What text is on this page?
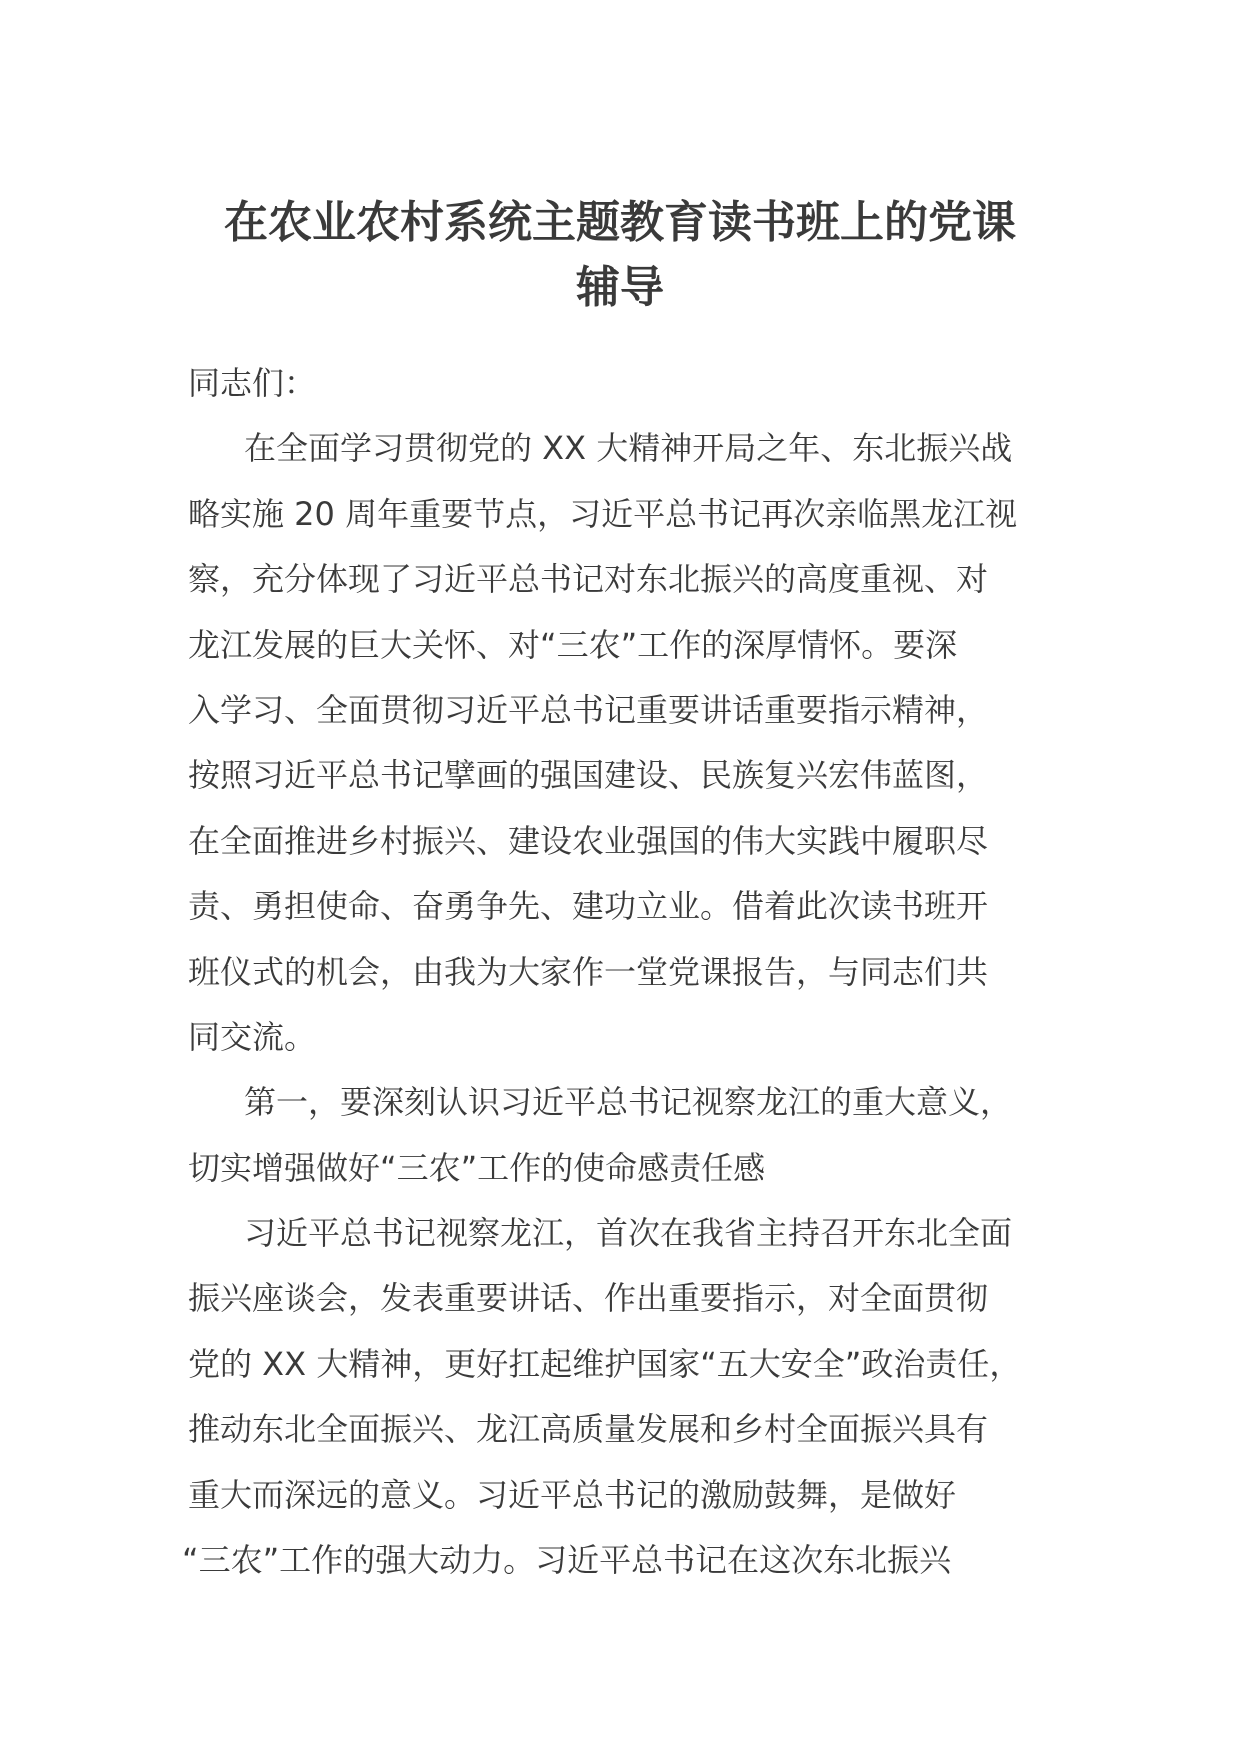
在农业农村系统主题教育读书班上的党课
辅导
同志们：
在全面学习贯彻党的 XX 大精神开局之年、东北振兴战
略实施 20 周年重要节点，习近平总书记再次亲临黑龙江视
察，充分体现了习近平总书记对东北振兴的高度重视、对
龙江发展的巨大关怀、对“三农”工作的深厚情怀。要深
入学习、全面贯彻习近平总书记重要讲话重要指示精神，
按照习近平总书记擘画的强国建设、民族复兴宏伟蓝图，
在全面推进乡村振兴、建设农业强国的伟大实践中履职尽
责、勇担使命、奋勇争先、建功立业。借着此次读书班开
班仪式的机会，由我为大家作一堂党课报告，与同志们共
同交流。
第一，要深刻认识习近平总书记视察龙江的重大意义，
切实增强做好“三农”工作的使命感责任感
习近平总书记视察龙江，首次在我省主持召开东北全面
振兴座谈会，发表重要讲话、作出重要指示，对全面贯彻
党的 XX 大精神，更好扛起维护国家“五大安全”政治责任，
推动东北全面振兴、龙江高质量发展和乡村全面振兴具有
重大而深远的意义。习近平总书记的激励鼓舞，是做好
“三农”工作的强大动力。习近平总书记在这次东北振兴
